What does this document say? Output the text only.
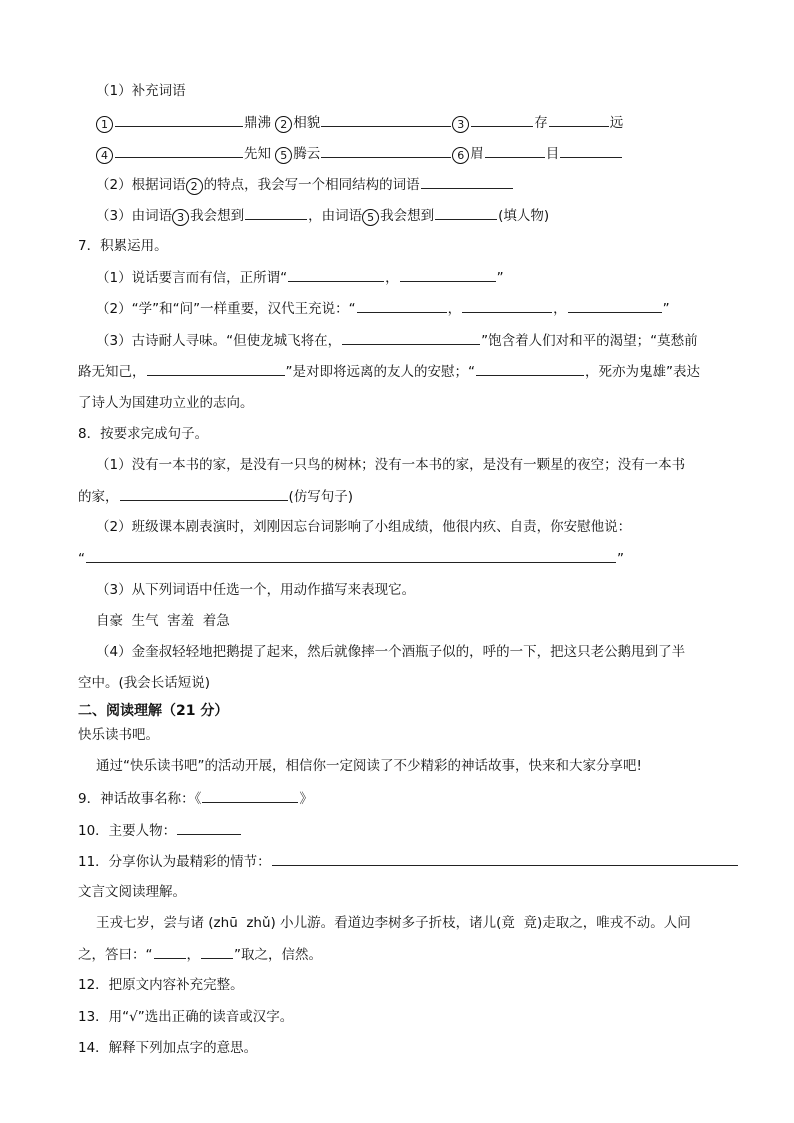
（1）补充词语
1	鼎沸 2 相貌	3	存	远
4	先知 5 腾云	6 眉	目
（2）根据词语 2 的特点，我会写一个相同结构的词语
（3）由词语 3 我会想到	，由词语 5 我会想到	(填人物)
7．积累运用。
（1）说话要言而有信，正所谓“	，	”
（2）“学”和“问”一样重要，汉代王充说：“	，	，	”
（3）古诗耐人寻味。“但使龙城飞将在，	”饱含着人们对和平的渴望；“莫愁前
路无知己，	”是对即将远离的友人的安慰；“	，死亦为鬼雄”表达
了诗人为国建功立业的志向。
8．按要求完成句子。
（1）没有一本书的家，是没有一只鸟的树林；没有一本书的家，是没有一颗星的夜空；没有一本书
的家，	(仿写句子)
（2）班级课本剧表演时，刘刚因忘台词影响了小组成绩，他很内疚、自责，你安慰他说：
“	”
（3）从下列词语中任选一个，用动作描写来表现它。
自豪  生气  害羞  着急
（4）金奎叔轻轻地把鹅提了起来，然后就像摔一个酒瓶子似的，呼的一下，把这只老公鹅甩到了半
空中。(我会长话短说)
二、阅读理解（21 分）
快乐读书吧。
通过“快乐读书吧”的活动开展，相信你一定阅读了不少精彩的神话故事，快来和大家分享吧!
9．神话故事名称：《	》
10．主要人物：
11．分享你认为最精彩的情节：
文言文阅读理解。
王戎七岁，尝与诸 (zhū  zhǔ) 小儿游。看道边李树多子折枝，诸儿(竟  竟)走取之，唯戎不动。人问
之，答曰：“	，	”取之，信然。
12．把原文内容补充完整。
13．用“√”选出正确的读音或汉字。
14．解释下列加点字的意思。
